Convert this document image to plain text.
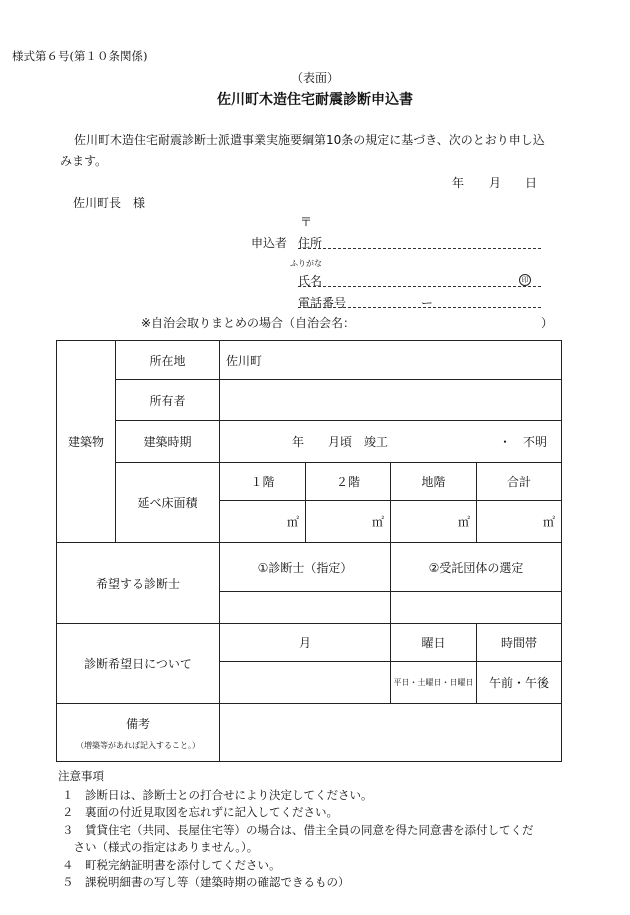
様式第６号(第１０条関係)
（表面）
佐川町木造住宅耐震診断申込書
佐川町木造住宅耐震診断士派遣事業実施要綱第10条の規定に基づき、次のとおり申し込
みます。
年 月 日
佐川町長　様
〒
申込者 住所
ふりがな
氏名	印
電話番号	ー
※自治会取りまとめの場合（自治会名：	）
建築物	所在地	佐川町			
	所有者				
	建築時期	年　　月頃　竣工 ・　不明			

	延べ床面積	１階	２階	地階	合計
		㎡	㎡	㎡	㎡
希望する診断士		①診断士（指定）		②受託団体の選定	

診断希望日について		月		曜日	時間帯
				平日・土曜日・日曜日	午前・午後

備考
（増築等があれば記入すること。）					

注意事項
１　診断日は、診断士との打合せにより決定してください。
２　裏面の付近見取図を忘れずに記入してください。
３　賃貸住宅（共同、長屋住宅等）の場合は、借主全員の同意を得た同意書を添付してくだ
　さい（様式の指定はありません。）。
４　町税完納証明書を添付してください。
５　課税明細書の写し等（建築時期の確認できるもの）
